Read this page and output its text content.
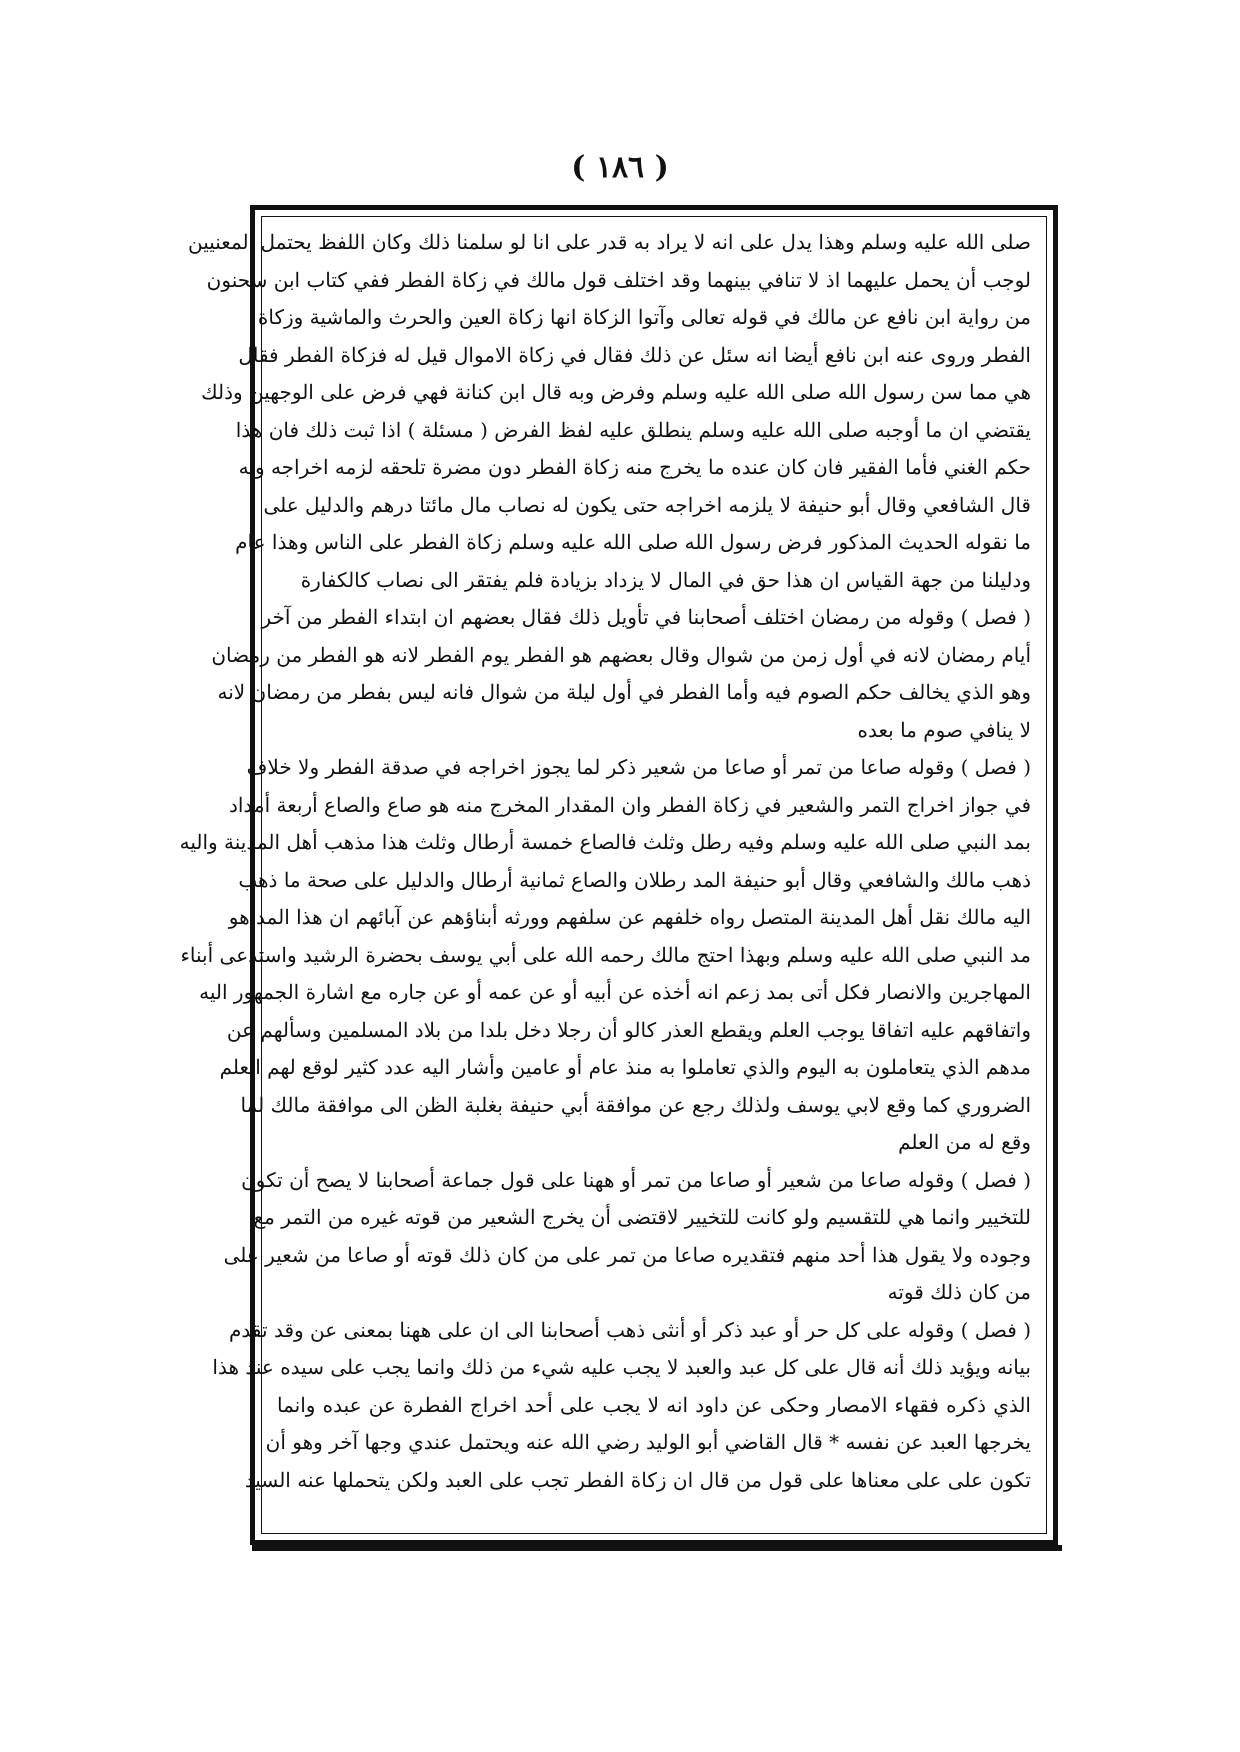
( ١٨٦ )
صلى الله عليه وسلم وهذا يدل على انه لا يراد به قدر على انا لو سلمنا ذلك وكان اللفظ يحتمل المعنيين
لوجب أن يحمل عليهما اذ لا تنافي بينهما وقد اختلف قول مالك في زكاة الفطر ففي كتاب ابن سحنون
من رواية ابن نافع عن مالك في قوله تعالى وآتوا الزكاة انها زكاة العين والحرث والماشية وزكاة
الفطر وروى عنه ابن نافع أيضا انه سئل عن ذلك فقال في زكاة الاموال قيل له فزكاة الفطر فقال
هي مما سن رسول الله صلى الله عليه وسلم وفرض وبه قال ابن كنانة فهي فرض على الوجهين وذلك
يقتضي ان ما أوجبه صلى الله عليه وسلم ينطلق عليه لفظ الفرض ( مسئلة ) اذا ثبت ذلك فان هذا
حكم الغني فأما الفقير فان كان عنده ما يخرج منه زكاة الفطر دون مضرة تلحقه لزمه اخراجه وبه
قال الشافعي وقال أبو حنيفة لا يلزمه اخراجه حتى يكون له نصاب مال مائتا درهم والدليل على
ما نقوله الحديث المذكور فرض رسول الله صلى الله عليه وسلم زكاة الفطر على الناس وهذا عام
ودليلنا من جهة القياس ان هذا حق في المال لا يزداد بزيادة فلم يفتقر الى نصاب كالكفارة
( فصل ) وقوله من رمضان اختلف أصحابنا في تأويل ذلك فقال بعضهم ان ابتداء الفطر من آخر
أيام رمضان لانه في أول زمن من شوال وقال بعضهم هو الفطر يوم الفطر لانه هو الفطر من رمضان
وهو الذي يخالف حكم الصوم فيه وأما الفطر في أول ليلة من شوال فانه ليس بفطر من رمضان لانه
لا ينافي صوم ما بعده
( فصل ) وقوله صاعا من تمر أو صاعا من شعير ذكر لما يجوز اخراجه في صدقة الفطر ولا خلاف
في جواز اخراج التمر والشعير في زكاة الفطر وان المقدار المخرج منه هو صاع والصاع أربعة أمداد
بمد النبي صلى الله عليه وسلم وفيه رطل وثلث فالصاع خمسة أرطال وثلث هذا مذهب أهل المدينة واليه
ذهب مالك والشافعي وقال أبو حنيفة المد رطلان والصاع ثمانية أرطال والدليل على صحة ما ذهب
اليه مالك نقل أهل المدينة المتصل رواه خلفهم عن سلفهم وورثه أبناؤهم عن آبائهم ان هذا المد هو
مد النبي صلى الله عليه وسلم وبهذا احتج مالك رحمه الله على أبي يوسف بحضرة الرشيد واستدعى أبناء
المهاجرين والانصار فكل أتى بمد زعم انه أخذه عن أبيه أو عن عمه أو عن جاره مع اشارة الجمهور اليه
واتفاقهم عليه اتفاقا يوجب العلم ويقطع العذر كالو أن رجلا دخل بلدا من بلاد المسلمين وسألهم عن
مدهم الذي يتعاملون به اليوم والذي تعاملوا به منذ عام أو عامين وأشار اليه عدد كثير لوقع لهم العلم
الضروري كما وقع لابي يوسف ولذلك رجع عن موافقة أبي حنيفة بغلبة الظن الى موافقة مالك لما
وقع له من العلم
( فصل ) وقوله صاعا من شعير أو صاعا من تمر أو ههنا على قول جماعة أصحابنا لا يصح أن تكون
للتخيير وانما هي للتقسيم ولو كانت للتخيير لاقتضى أن يخرج الشعير من قوته غيره من التمر مع
وجوده ولا يقول هذا أحد منهم فتقديره صاعا من تمر على من كان ذلك قوته أو صاعا من شعير على
من كان ذلك قوته
( فصل ) وقوله على كل حر أو عبد ذكر أو أنثى ذهب أصحابنا الى ان على ههنا بمعنى عن وقد تقدم
بيانه ويؤيد ذلك أنه قال على كل عبد والعبد لا يجب عليه شيء من ذلك وانما يجب على سيده عند هذا
الذي ذكره فقهاء الامصار وحكى عن داود انه لا يجب على أحد اخراج الفطرة عن عبده وانما
يخرجها العبد عن نفسه * قال القاضي أبو الوليد رضي الله عنه ويحتمل عندي وجها آخر وهو أن
تكون على على معناها على قول من قال ان زكاة الفطر تجب على العبد ولكن يتحملها عنه السيد
